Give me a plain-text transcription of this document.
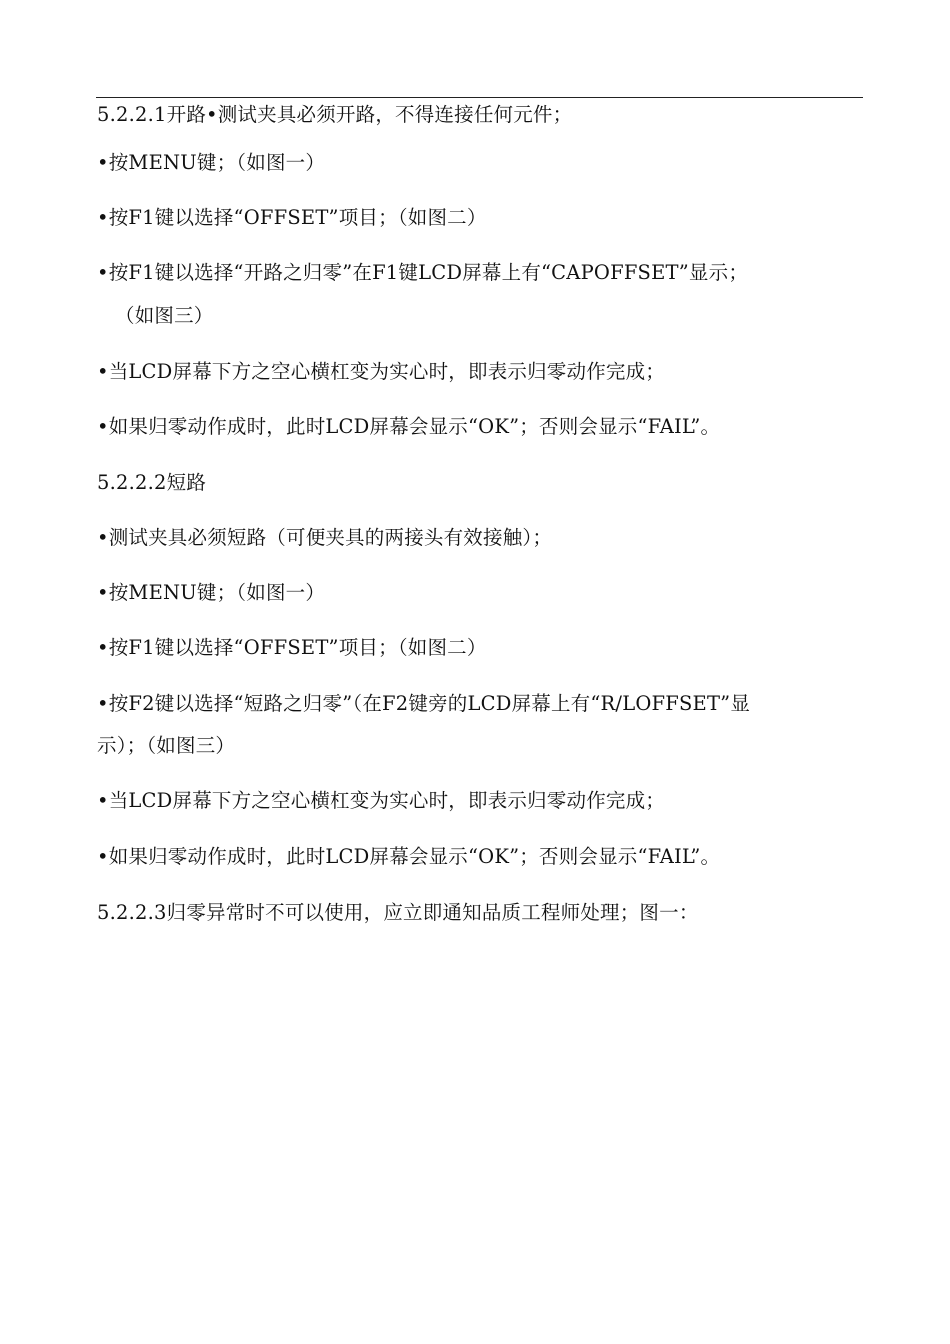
5.2.2.1开路•测试夹具必须开路，不得连接任何元件；
•按MENU键；（如图一）
•按F1键以选择“OFFSET”项目；（如图二）
•按F1键以选择“开路之归零”在F1键LCD屏幕上有“CAPOFFSET”显示；
（如图三）
•当LCD屏幕下方之空心横杠变为实心时，即表示归零动作完成；
•如果归零动作成时，此时LCD屏幕会显示“OK”；否则会显示“FAIL”。
5.2.2.2短路
•测试夹具必须短路（可便夹具的两接头有效接触）；
•按MENU键；（如图一）
•按F1键以选择“OFFSET”项目；（如图二）
•按F2键以选择“短路之归零”（在F2键旁的LCD屏幕上有“R/LOFFSET”显
示）；（如图三）
•当LCD屏幕下方之空心横杠变为实心时，即表示归零动作完成；
•如果归零动作成时，此时LCD屏幕会显示“OK”；否则会显示“FAIL”。
5.2.2.3归零异常时不可以使用，应立即通知品质工程师处理；图一：
